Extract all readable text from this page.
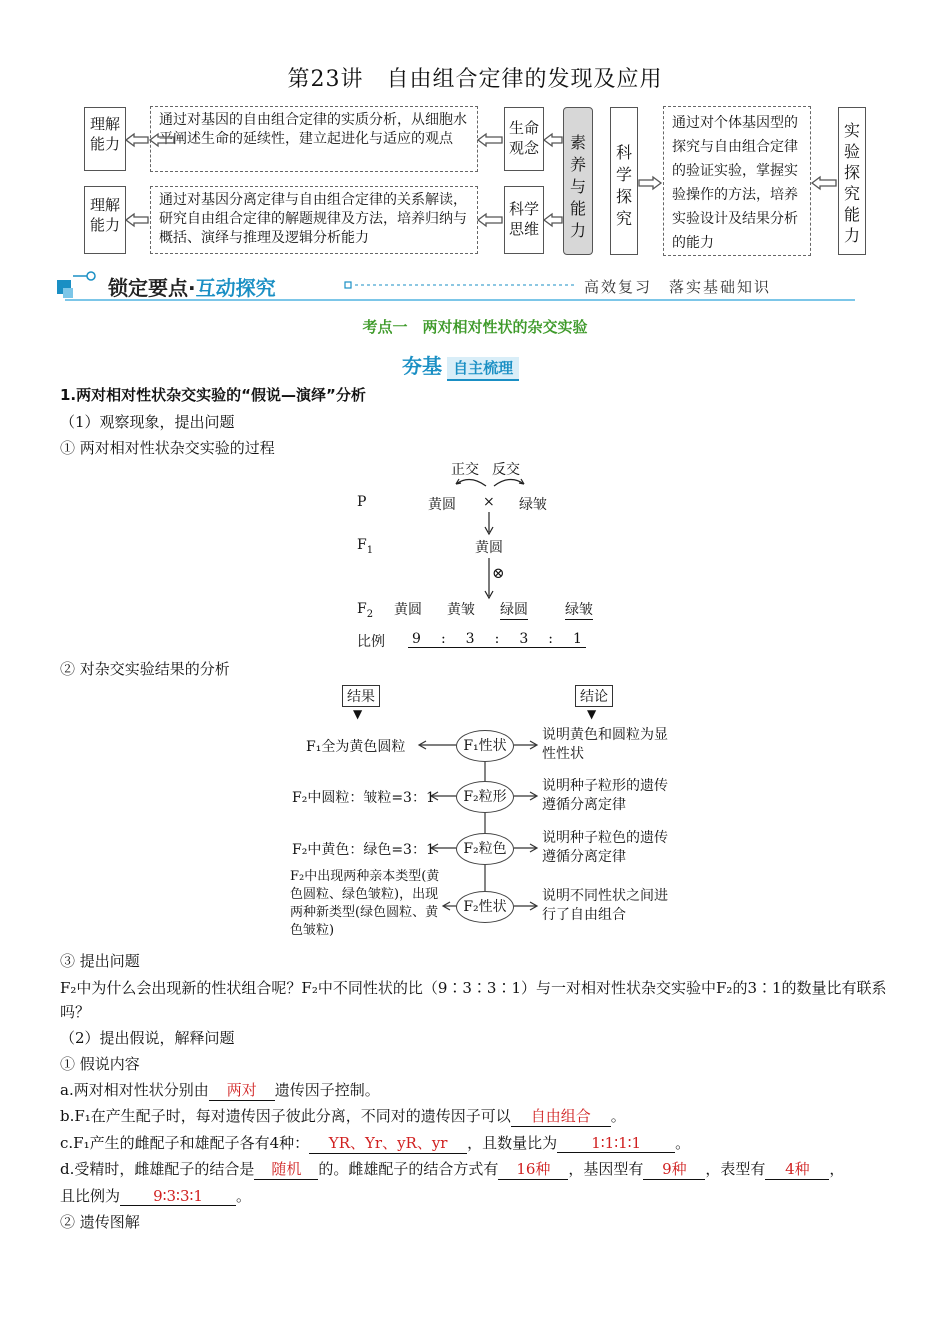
第23讲　自由组合定律的发现及应用
理解能力
通过对基因的自由组合定律的实质分析，从细胞水平阐述生命的延续性，建立起进化与适应的观点
生命观念
理解能力
通过对基因分离定律与自由组合定律的关系解读，研究自由组合定律的解题规律及方法，培养归纳与概括、演绎与推理及逻辑分析能力
科学思维
素养与能力
科学探究
通过对个体基因型的探究与自由组合定律的验证实验，掌握实验操作的方法，培养实验设计及结果分析的能力
实验探究能力
锁定要点·互动探究	高效复习　落实基础知识
考点一　两对相对性状的杂交实验
夯基 自主梳理
1.两对相对性状杂交实验的“假说—演绎”分析
（1）观察现象，提出问题
① 两对相对性状杂交实验的过程
正交 反交
P	黄圆 × 绿皱
$F_1$	黄圆
⊗
$F_2$ 黄圆 黄皱 绿圆	绿皱
比例 9 : 3 : 3 : 1
② 对杂交实验结果的分析
结果	结论
▼	▼
F₁全为黄色圆粒	F₁性状
说明黄色和圆粒为显性性状
F₂中圆粒：皱粒=3：1	F₂粒形
说明种子粒形的遗传遵循分离定律
F₂中黄色：绿色=3：1	F₂粒色
说明种子粒色的遗传遵循分离定律
F₂中出现两种亲本类型(黄色圆粒、绿色皱粒)，出现两种新类型(绿色圆粒、黄色皱粒)
F₂性状
说明不同性状之间进行了自由组合
③ 提出问题
F₂中为什么会出现新的性状组合呢？F₂中不同性状的比（9∶3∶3∶1）与一对相对性状杂交实验中F₂的3∶1的数量比有联系吗？
（2）提出假说，解释问题
① 假说内容
a.两对相对性状分别由 两对 遗传因子控制。
b.F₁在产生配子时，每对遗传因子彼此分离，不同对的遗传因子可以 自由组合 。
c.F₁产生的雌配子和雄配子各有4种： YR、Yr、yR、yr ，且数量比为 1∶1∶1∶1 。
d.受精时，雌雄配子的结合是 随机 的。雌雄配子的结合方式有 16种 ，基因型有 9种 ，表型有 4种 ，
且比例为 9∶3∶3∶1 。
② 遗传图解
